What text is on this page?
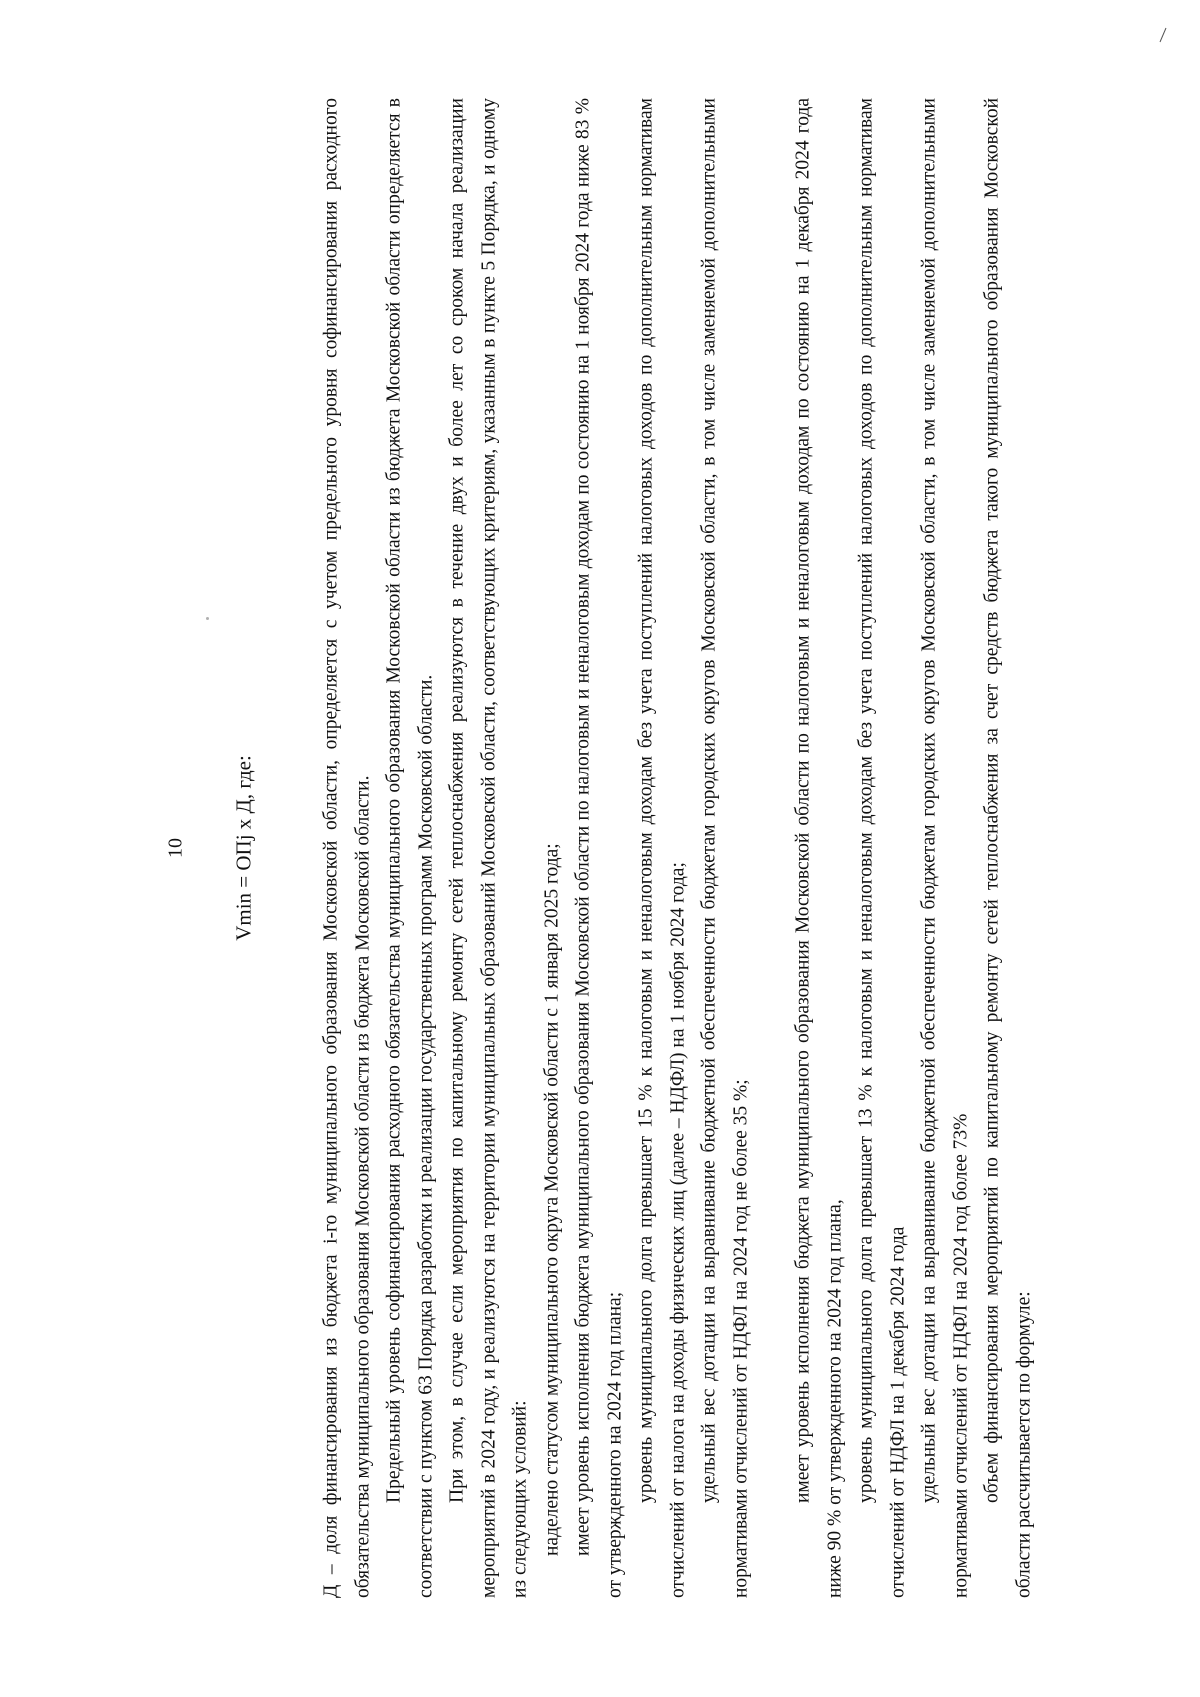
10 Vmin = ОПj х Д, где:	Д – доля финансирования из бюджета i-го муниципального образования Московской области, определяется с учетом предельного уровня софинансирования расходного обязательства муниципального образования Московской области из бюджета Московской области. Предельный уровень софинансирования расходного обязательства муниципального образования Московской области из бюджета Московской области определяется в соответствии с пунктом 63 Порядка разработки и реализации государственных программ Московской области. При этом, в случае если мероприятия по капитальному ремонту сетей теплоснабжения реализуются в течение двух и более лет со сроком начала реализации мероприятий в 2024 году, и реализуются на территории муниципальных образований Московской области, соответствующих критериям, указанным в пункте 5 Порядка, и одному из следующих условий: наделено статусом муниципального округа Московской области с 1 января 2025 года; имеет уровень исполнения бюджета муниципального образования Московской области по налоговым и неналоговым доходам по состоянию на 1 ноября 2024 года ниже 83 % от утвержденного на 2024 год плана; уровень муниципального долга превышает 15 % к налоговым и неналоговым доходам без учета поступлений налоговых доходов по дополнительным нормативам отчислений от налога на доходы физических лиц (далее – НДФЛ) на 1 ноября 2024 года; удельный вес дотации на выравнивание бюджетной обеспеченности бюджетам городских округов Московской области, в том числе заменяемой дополнительными нормативами отчислений от НДФЛ на 2024 год не более 35 %; имеет уровень исполнения бюджета муниципального образования Московской области по налоговым и неналоговым доходам по состоянию на 1 декабря 2024 года ниже 90 % от утвержденного на 2024 год плана, уровень муниципального долга превышает 13 % к налоговым и неналоговым доходам без учета поступлений налоговых доходов по дополнительным нормативам отчислений от НДФЛ на 1 декабря 2024 года удельный вес дотации на выравнивание бюджетной обеспеченности бюджетам городских округов Московской области, в том числе заменяемой дополнительными нормативами отчислений от НДФЛ на 2024 год более 73% объем финансирования мероприятий по капитальному ремонту сетей теплоснабжения за счет средств бюджета такого муниципального образования Московской области рассчитывается по формуле:
